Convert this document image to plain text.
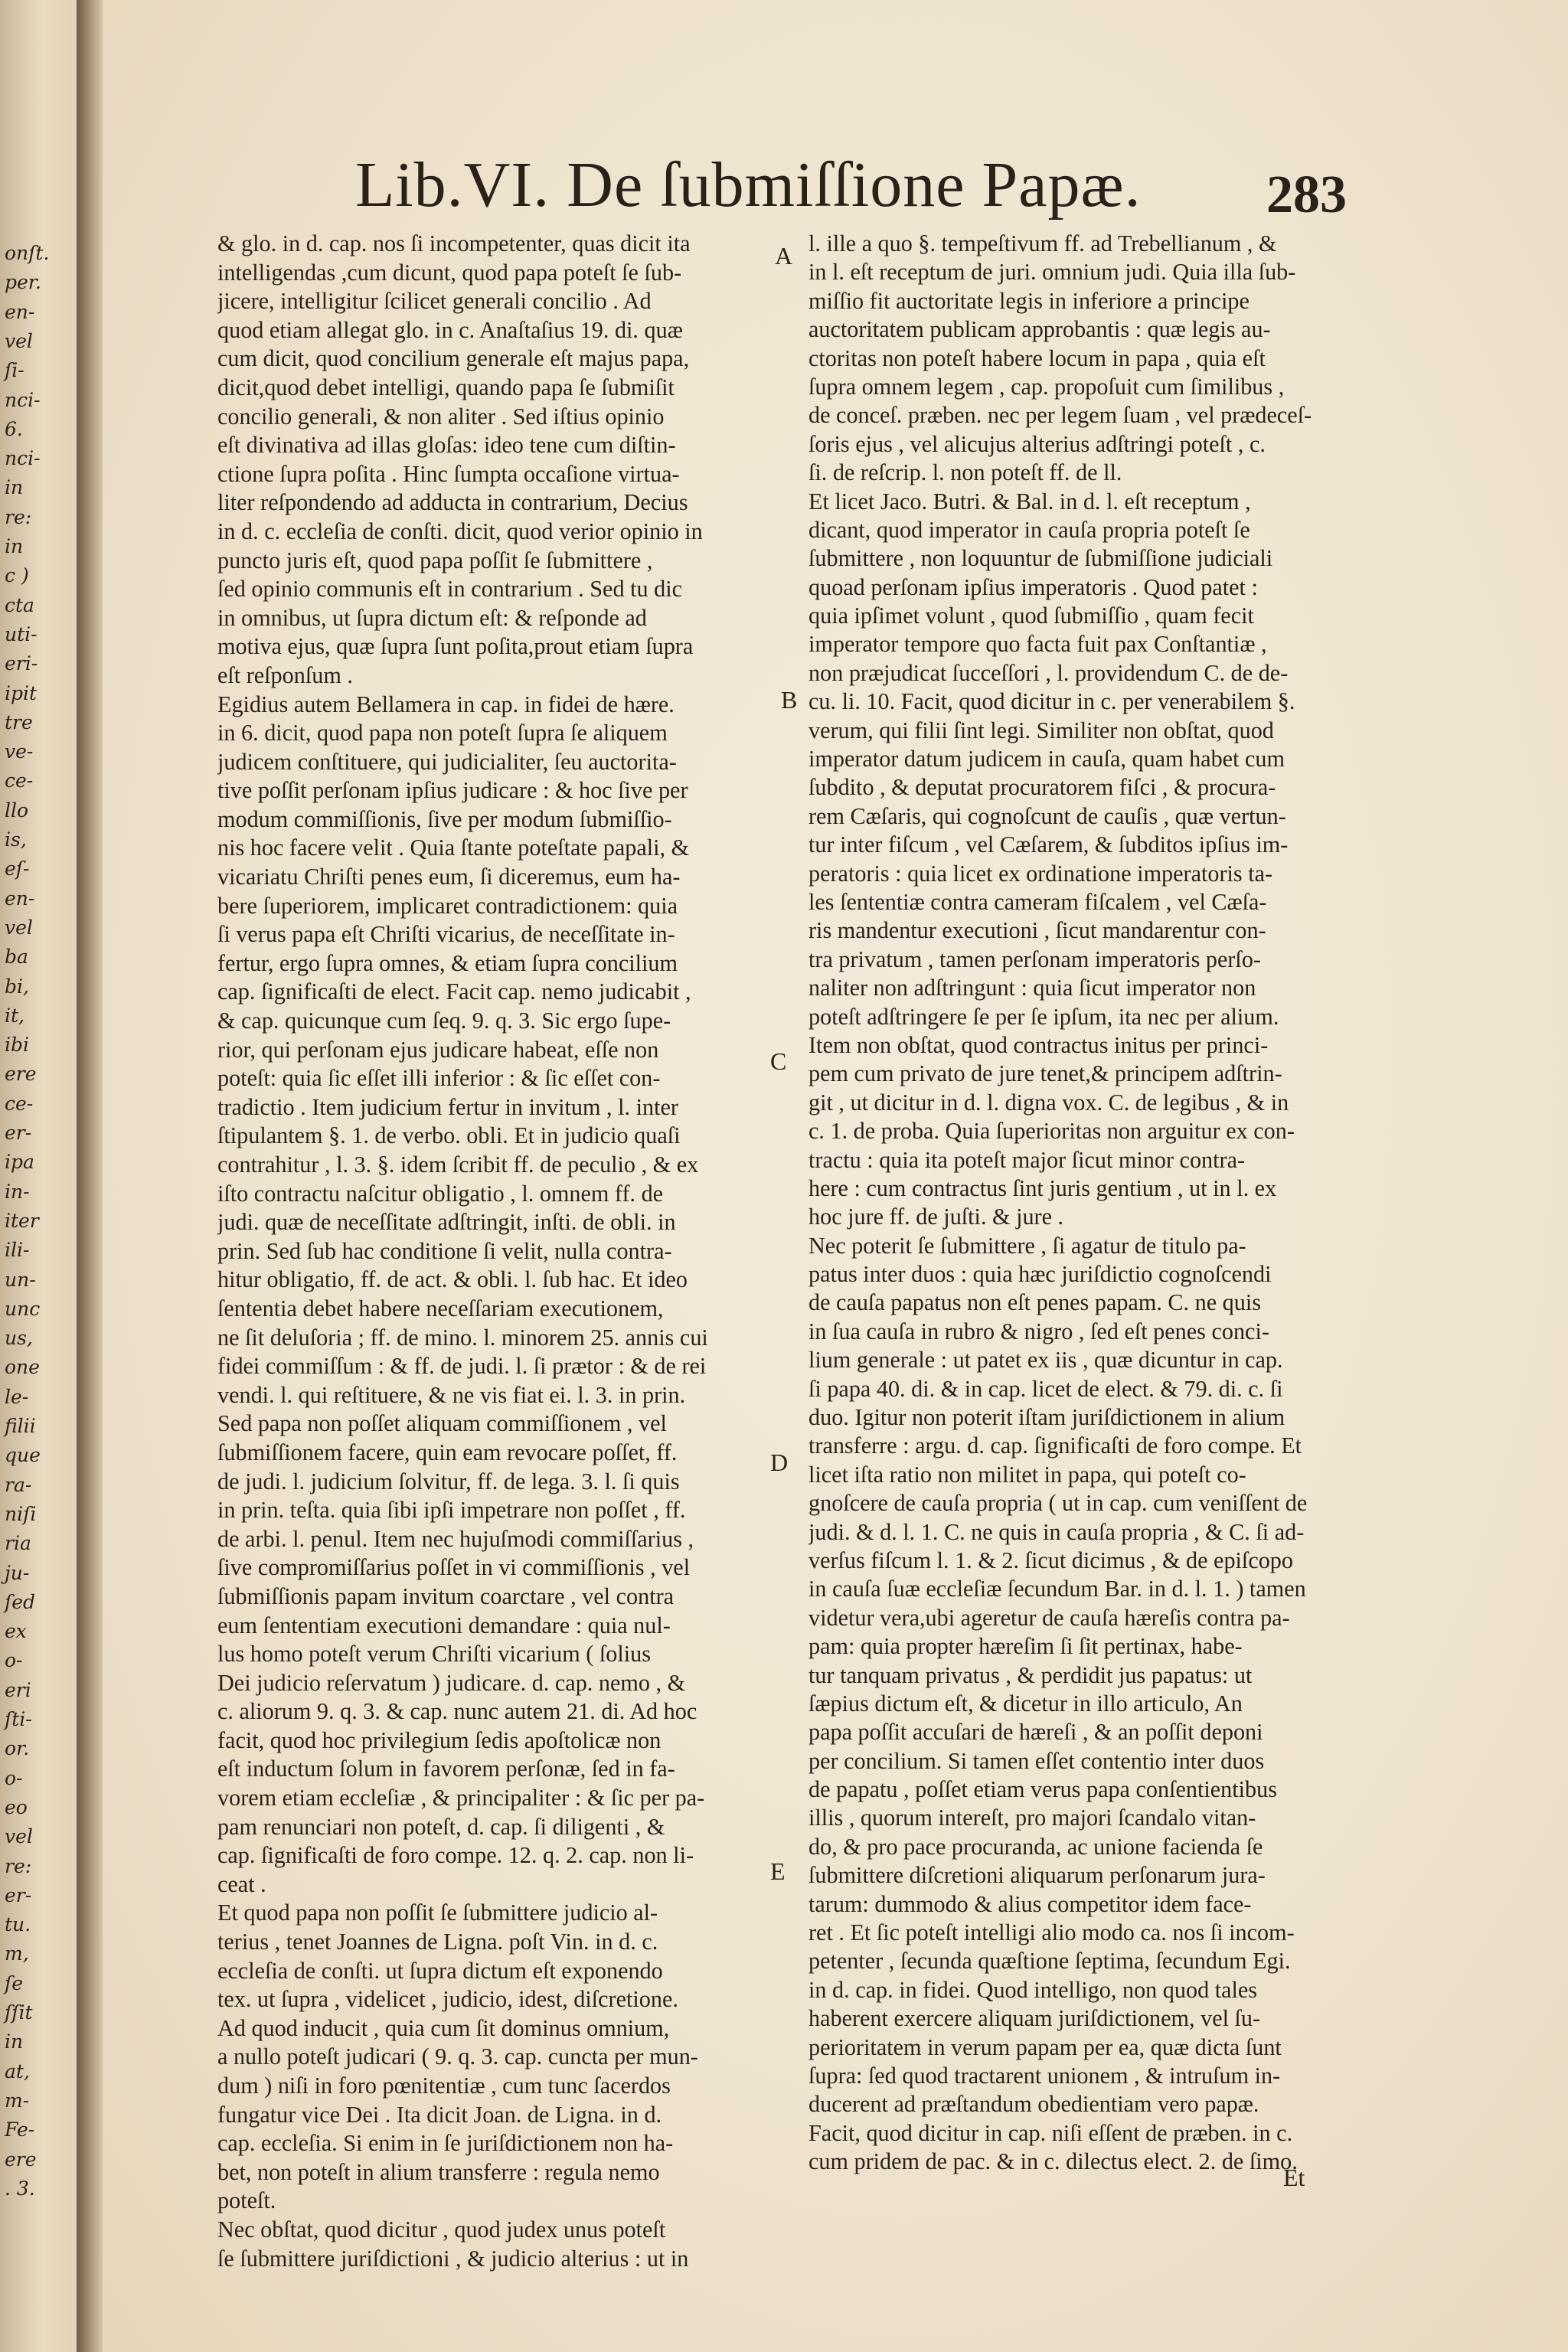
onſt.
per.
en-
vel
ſi-
nci-
6.
nci-
in
re:
in
c )
cta
uti-
eri-
ipit
tre
ve-
ce-
llo
is,
eſ-
en-
vel
ba
bi,
it,
ibi
ere
ce-
er-
ipa
in-
iter
ili-
un-
unc
us,
one
le-
filii
que
ra-
niſi
ria
ju-
ſed
ex
o-
eri
ſti-
or.
o-
eo
vel
re:
er-
tu.
m,
ſe
ſſit
in
at,
m-
Fe-
ere
. 3.
Lib.VI. De ſubmiſſione Papæ.	283
A
B
C
D
E
& glo. in d. cap. nos ſi incompetenter, quas dicit ita
intelligendas ,cum dicunt, quod papa poteſt ſe ſub-
jicere, intelligitur ſcilicet generali concilio . Ad
quod etiam allegat glo. in c. Anaſtaſius 19. di. quæ
cum dicit, quod concilium generale eſt majus papa,
dicit,quod debet intelligi, quando papa ſe ſubmiſit
concilio generali, & non aliter . Sed iſtius opinio
eſt divinativa ad illas gloſas: ideo tene cum diſtin-
ctione ſupra poſita . Hinc ſumpta occaſione virtua-
liter reſpondendo ad adducta in contrarium, Decius
in d. c. eccleſia de conſti. dicit, quod verior opinio in
puncto juris eſt, quod papa poſſit ſe ſubmittere ,
ſed opinio communis eſt in contrarium . Sed tu dic
in omnibus, ut ſupra dictum eſt: & reſponde ad
motiva ejus, quæ ſupra ſunt poſita,prout etiam ſupra
eſt reſponſum .
Egidius autem Bellamera in cap. in fidei de hære.
in 6. dicit, quod papa non poteſt ſupra ſe aliquem
judicem conſtituere, qui judicialiter, ſeu auctorita-
tive poſſit perſonam ipſius judicare : & hoc ſive per
modum commiſſionis, ſive per modum ſubmiſſio-
nis hoc facere velit . Quia ſtante poteſtate papali, &
vicariatu Chriſti penes eum, ſi diceremus, eum ha-
bere ſuperiorem, implicaret contradictionem: quia
ſi verus papa eſt Chriſti vicarius, de neceſſitate in-
fertur, ergo ſupra omnes, & etiam ſupra concilium
cap. ſignificaſti de elect. Facit cap. nemo judicabit ,
& cap. quicunque cum ſeq. 9. q. 3. Sic ergo ſupe-
rior, qui perſonam ejus judicare habeat, eſſe non
poteſt: quia ſic eſſet illi inferior : & ſic eſſet con-
tradictio . Item judicium fertur in invitum , l. inter
ſtipulantem §. 1. de verbo. obli. Et in judicio quaſi
contrahitur , l. 3. §. idem ſcribit ff. de peculio , & ex
iſto contractu naſcitur obligatio , l. omnem ff. de
judi. quæ de neceſſitate adſtringit, inſti. de obli. in
prin. Sed ſub hac conditione ſi velit, nulla contra-
hitur obligatio, ff. de act. & obli. l. ſub hac. Et ideo
ſententia debet habere neceſſariam executionem,
ne ſit deluſoria ; ff. de mino. l. minorem 25. annis cui
fidei commiſſum : & ff. de judi. l. ſi prætor : & de rei
vendi. l. qui reſtituere, & ne vis fiat ei. l. 3. in prin.
Sed papa non poſſet aliquam commiſſionem , vel
ſubmiſſionem facere, quin eam revocare poſſet, ff.
de judi. l. judicium ſolvitur, ff. de lega. 3. l. ſi quis
in prin. teſta. quia ſibi ipſi impetrare non poſſet , ff.
de arbi. l. penul. Item nec hujuſmodi commiſſarius ,
ſive compromiſſarius poſſet in vi commiſſionis , vel
ſubmiſſionis papam invitum coarctare , vel contra
eum ſententiam executioni demandare : quia nul-
lus homo poteſt verum Chriſti vicarium ( ſolius
Dei judicio reſervatum ) judicare. d. cap. nemo , &
c. aliorum 9. q. 3. & cap. nunc autem 21. di. Ad hoc
facit, quod hoc privilegium ſedis apoſtolicæ non
eſt inductum ſolum in favorem perſonæ, ſed in fa-
vorem etiam eccleſiæ , & principaliter : & ſic per pa-
pam renunciari non poteſt, d. cap. ſi diligenti , &
cap. ſignificaſti de foro compe. 12. q. 2. cap. non li-
ceat .
Et quod papa non poſſit ſe ſubmittere judicio al-
terius , tenet Joannes de Ligna. poſt Vin. in d. c.
eccleſia de conſti. ut ſupra dictum eſt exponendo
tex. ut ſupra , videlicet , judicio, idest, diſcretione.
Ad quod inducit , quia cum ſit dominus omnium,
a nullo poteſt judicari ( 9. q. 3. cap. cuncta per mun-
dum ) niſi in foro pœnitentiæ , cum tunc ſacerdos
fungatur vice Dei . Ita dicit Joan. de Ligna. in d.
cap. eccleſia. Si enim in ſe juriſdictionem non ha-
bet, non poteſt in alium transferre : regula nemo
poteſt.
Nec obſtat, quod dicitur , quod judex unus poteſt
ſe ſubmittere juriſdictioni , & judicio alterius : ut in
l. ille a quo §. tempeſtivum ff. ad Trebellianum , &
in l. eſt receptum de juri. omnium judi. Quia illa ſub-
miſſio fit auctoritate legis in inferiore a principe
auctoritatem publicam approbantis : quæ legis au-
ctoritas non poteſt habere locum in papa , quia eſt
ſupra omnem legem , cap. propoſuit cum ſimilibus ,
de conceſ. præben. nec per legem ſuam , vel prædeceſ-
ſoris ejus , vel alicujus alterius adſtringi poteſt , c.
ſi. de reſcrip. l. non poteſt ff. de ll.
Et licet Jaco. Butri. & Bal. in d. l. eſt receptum ,
dicant, quod imperator in cauſa propria poteſt ſe
ſubmittere , non loquuntur de ſubmiſſione judiciali
quoad perſonam ipſius imperatoris . Quod patet :
quia ipſimet volunt , quod ſubmiſſio , quam fecit
imperator tempore quo facta fuit pax Conſtantiæ ,
non præjudicat ſucceſſori , l. providendum C. de de-
cu. li. 10. Facit, quod dicitur in c. per venerabilem §.
verum, qui filii ſint legi. Similiter non obſtat, quod
imperator datum judicem in cauſa, quam habet cum
ſubdito , & deputat procuratorem fiſci , & procura-
rem Cæſaris, qui cognoſcunt de cauſis , quæ vertun-
tur inter fiſcum , vel Cæſarem, & ſubditos ipſius im-
peratoris : quia licet ex ordinatione imperatoris ta-
les ſententiæ contra cameram fiſcalem , vel Cæſa-
ris mandentur executioni , ſicut mandarentur con-
tra privatum , tamen perſonam imperatoris perſo-
naliter non adſtringunt : quia ſicut imperator non
poteſt adſtringere ſe per ſe ipſum, ita nec per alium.
Item non obſtat, quod contractus initus per princi-
pem cum privato de jure tenet,& principem adſtrin-
git , ut dicitur in d. l. digna vox. C. de legibus , & in
c. 1. de proba. Quia ſuperioritas non arguitur ex con-
tractu : quia ita poteſt major ſicut minor contra-
here : cum contractus ſint juris gentium , ut in l. ex
hoc jure ff. de juſti. & jure .
Nec poterit ſe ſubmittere , ſi agatur de titulo pa-
patus inter duos : quia hæc juriſdictio cognoſcendi
de cauſa papatus non eſt penes papam. C. ne quis
in ſua cauſa in rubro & nigro , ſed eſt penes conci-
lium generale : ut patet ex iis , quæ dicuntur in cap.
ſi papa 40. di. & in cap. licet de elect. & 79. di. c. ſi
duo. Igitur non poterit iſtam juriſdictionem in alium
transferre : argu. d. cap. ſignificaſti de foro compe. Et
licet iſta ratio non militet in papa, qui poteſt co-
gnoſcere de cauſa propria ( ut in cap. cum veniſſent de
judi. & d. l. 1. C. ne quis in cauſa propria , & C. ſi ad-
verſus fiſcum l. 1. & 2. ſicut dicimus , & de epiſcopo
in cauſa ſuæ eccleſiæ ſecundum Bar. in d. l. 1. ) tamen
videtur vera,ubi ageretur de cauſa hæreſis contra pa-
pam: quia propter hæreſim ſi ſit pertinax, habe-
tur tanquam privatus , & perdidit jus papatus: ut
ſæpius dictum eſt, & dicetur in illo articulo, An
papa poſſit accuſari de hæreſi , & an poſſit deponi
per concilium. Si tamen eſſet contentio inter duos
de papatu , poſſet etiam verus papa conſentientibus
illis , quorum intereſt, pro majori ſcandalo vitan-
do, & pro pace procuranda, ac unione facienda ſe
ſubmittere diſcretioni aliquarum perſonarum jura-
tarum: dummodo & alius competitor idem face-
ret . Et ſic poteſt intelligi alio modo ca. nos ſi incom-
petenter , ſecunda quæſtione ſeptima, ſecundum Egi.
in d. cap. in fidei. Quod intelligo, non quod tales
haberent exercere aliquam juriſdictionem, vel ſu-
perioritatem in verum papam per ea, quæ dicta ſunt
ſupra: ſed quod tractarent unionem , & intruſum in-
ducerent ad præſtandum obedientiam vero papæ.
Facit, quod dicitur in cap. niſi eſſent de præben. in c.
cum pridem de pac. & in c. dilectus elect. 2. de ſimo.
Et
